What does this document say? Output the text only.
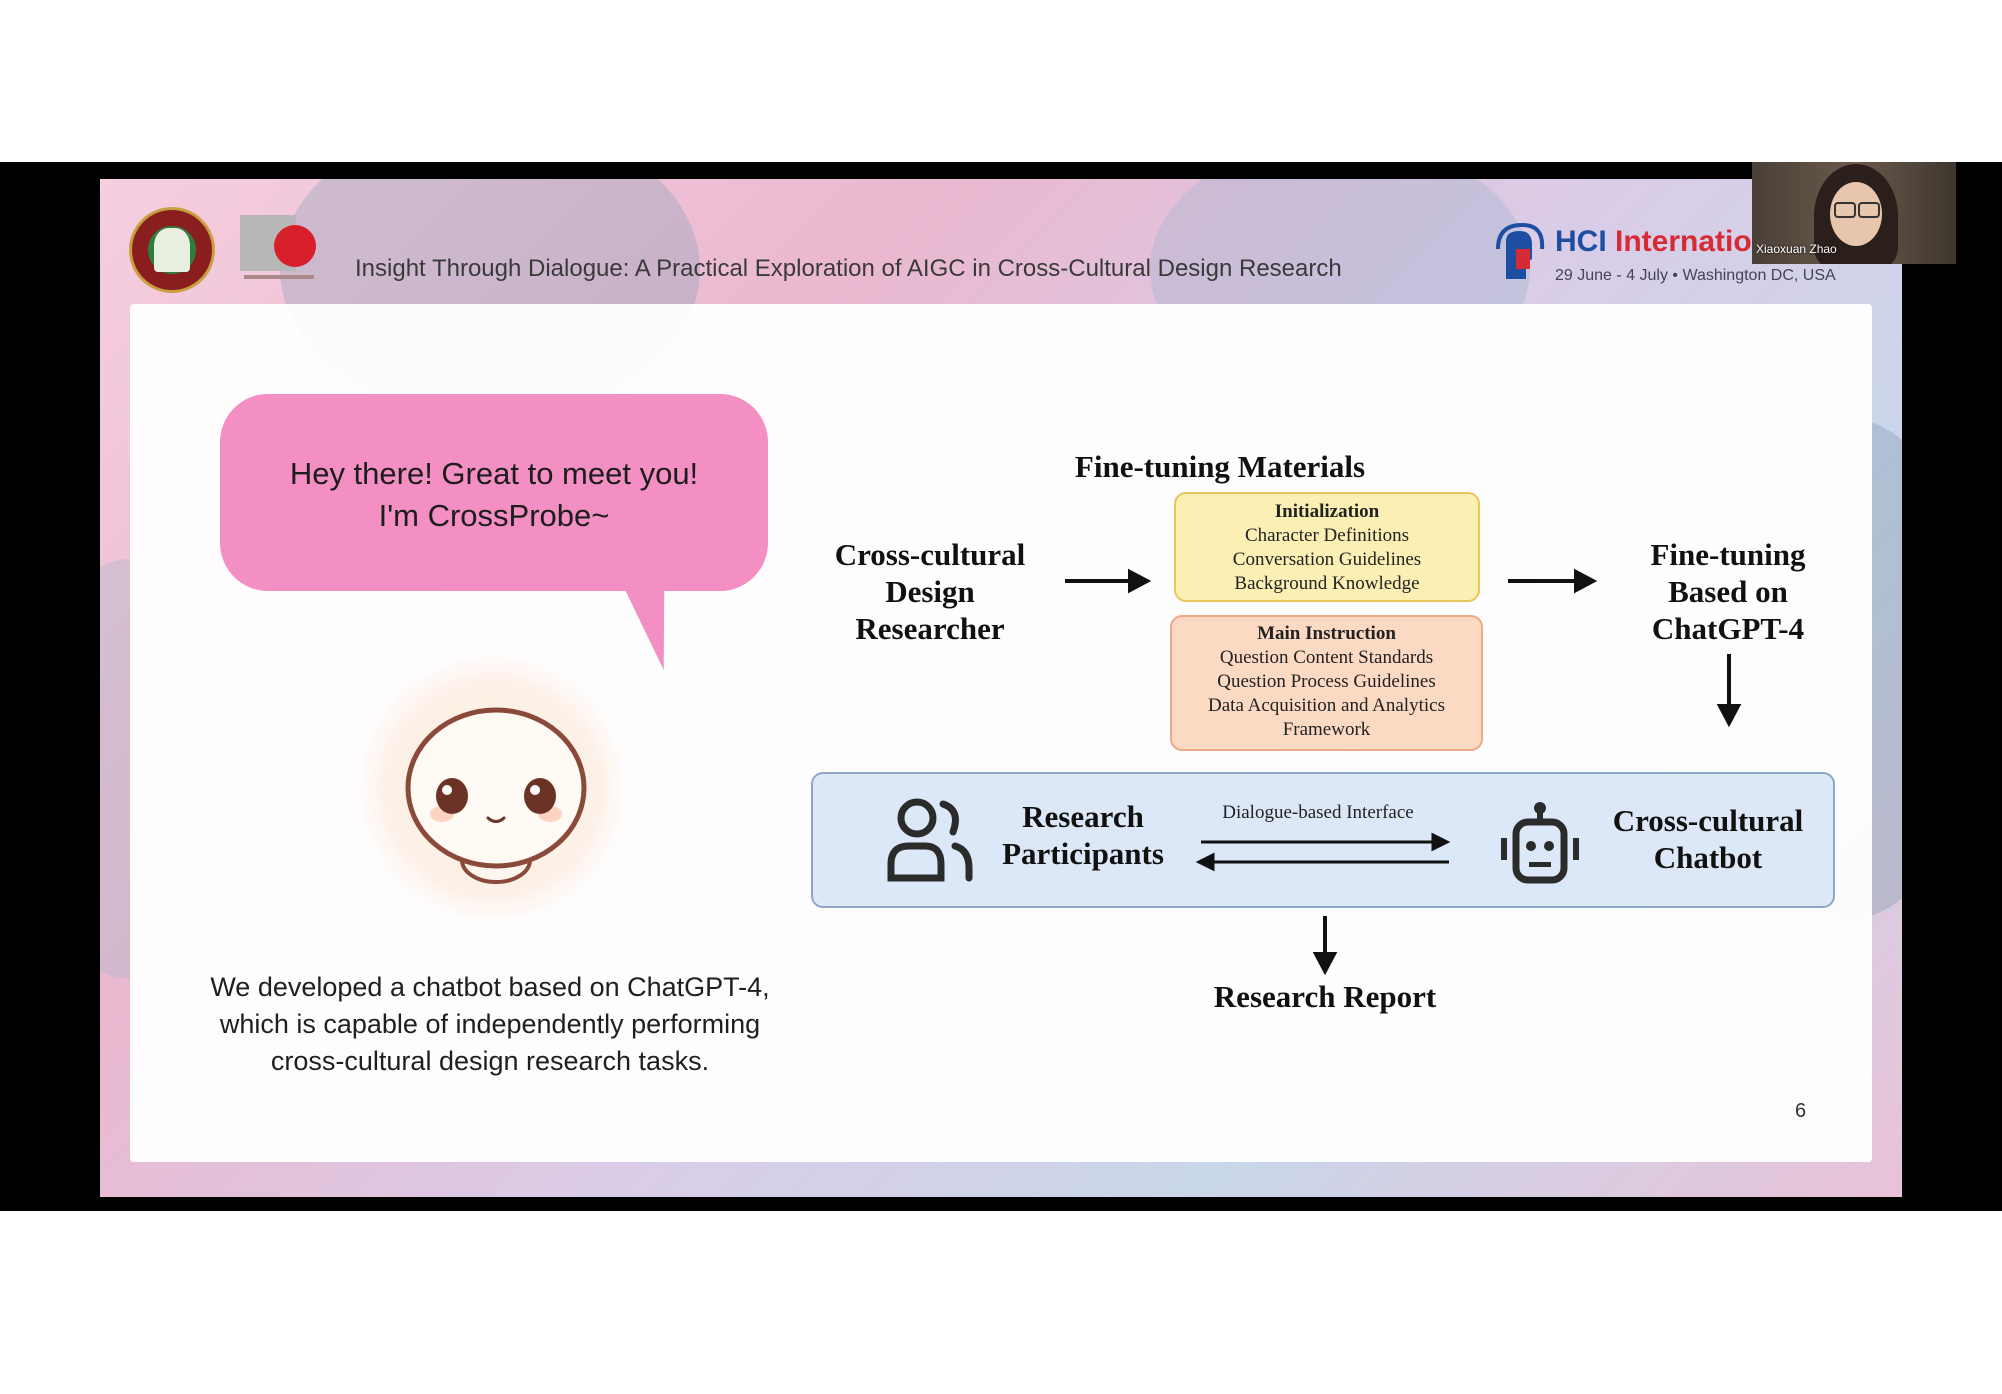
Insight Through Dialogue: A Practical Exploration of AIGC in Cross-Cultural Design Research
HCI Internatio
29 June - 4 July • Washington DC, USA
Hey there! Great to meet you!
I'm CrossProbe~
We developed a chatbot based on ChatGPT-4,
which is capable of independently performing
cross-cultural design research tasks.
Cross-cultural
Design
Researcher
Fine-tuning Materials
Initialization
Character Definitions
Conversation Guidelines
Background Knowledge
Main Instruction
Question Content Standards
Question Process Guidelines
Data Acquisition and Analytics
Framework
Fine-tuning
Based on
ChatGPT-4
Research
Participants
Dialogue-based Interface	Cross-cultural
Chatbot
Research Report
6
Xiaoxuan Zhao
